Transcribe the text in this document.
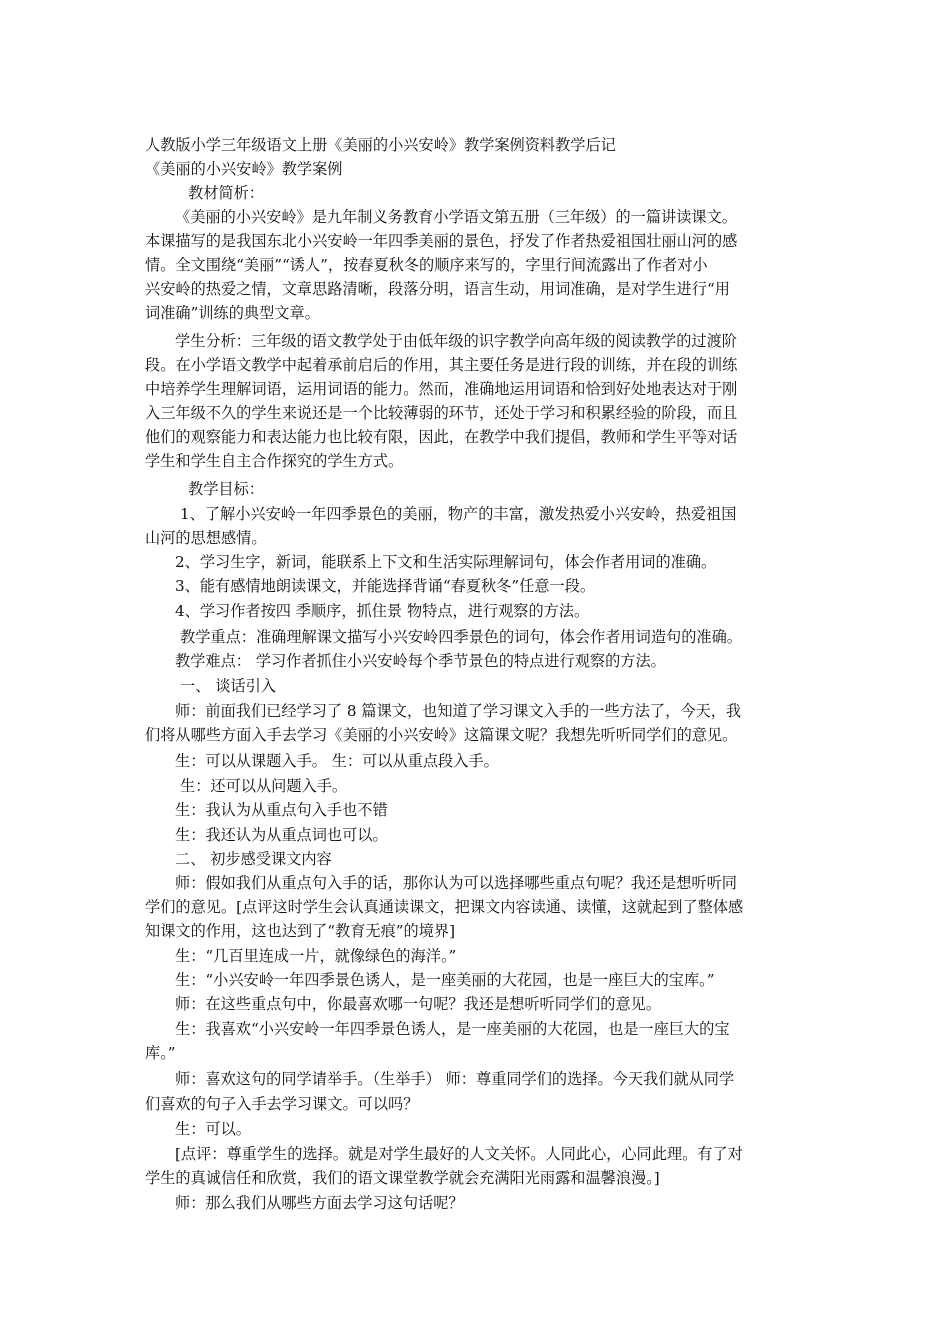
人教版小学三年级语文上册《美丽的小兴安岭》教学案例资料教学后记
《美丽的小兴安岭》教学案例
教材简析：
《美丽的小兴安岭》是九年制义务教育小学语文第五册（三年级）的一篇讲读课文。
本课描写的是我国东北小兴安岭一年四季美丽的景色，抒发了作者热爱祖国壮丽山河的感
情。全文围绕“美丽”“诱人”，按春夏秋冬的顺序来写的，字里行间流露出了作者对小
兴安岭的热爱之情，文章思路清晰，段落分明，语言生动，用词准确，是对学生进行“用
词准确”训练的典型文章。
学生分析：三年级的语文教学处于由低年级的识字教学向高年级的阅读教学的过渡阶
段。在小学语文教学中起着承前启后的作用，其主要任务是进行段的训练，并在段的训练
中培养学生理解词语，运用词语的能力。然而，准确地运用词语和恰到好处地表达对于刚
入三年级不久的学生来说还是一个比较薄弱的环节，还处于学习和积累经验的阶段，而且
他们的观察能力和表达能力也比较有限，因此，在教学中我们提倡，教师和学生平等对话
学生和学生自主合作探究的学生方式。
教学目标：
1、了解小兴安岭一年四季景色的美丽，物产的丰富，激发热爱小兴安岭，热爱祖国
山河的思想感情。
2、学习生字，新词，能联系上下文和生活实际理解词句，体会作者用词的准确。
3、能有感情地朗读课文，并能选择背诵“春夏秋冬”任意一段。
4、学习作者按四 季顺序，抓住景 物特点，进行观察的方法。
教学重点：准确理解课文描写小兴安岭四季景色的词句，体会作者用词造句的准确。
教学难点： 学习作者抓住小兴安岭每个季节景色的特点进行观察的方法。
一、 谈话引入
师：前面我们已经学习了 8 篇课文，也知道了学习课文入手的一些方法了，今天，我
们将从哪些方面入手去学习《美丽的小兴安岭》这篇课文呢？我想先听听同学们的意见。
生：可以从课题入手。 生：可以从重点段入手。
生：还可以从问题入手。
生：我认为从重点句入手也不错
生：我还认为从重点词也可以。
二、 初步感受课文内容
师：假如我们从重点句入手的话，那你认为可以选择哪些重点句呢？我还是想听听同
学们的意见。[点评这时学生会认真通读课文，把课文内容读通、读懂，这就起到了整体感
知课文的作用，这也达到了“教育无痕”的境界]
生：“几百里连成一片，就像绿色的海洋。”
生：“小兴安岭一年四季景色诱人，是一座美丽的大花园，也是一座巨大的宝库。”
师：在这些重点句中，你最喜欢哪一句呢？我还是想听听同学们的意见。
生：我喜欢“小兴安岭一年四季景色诱人，是一座美丽的大花园，也是一座巨大的宝
库。”
师：喜欢这句的同学请举手。（生举手） 师：尊重同学们的选择。今天我们就从同学
们喜欢的句子入手去学习课文。可以吗？
生：可以。
[点评：尊重学生的选择。就是对学生最好的人文关怀。人同此心，心同此理。有了对
学生的真诚信任和欣赏，我们的语文课堂教学就会充满阳光雨露和温馨浪漫。]
师：那么我们从哪些方面去学习这句话呢？
